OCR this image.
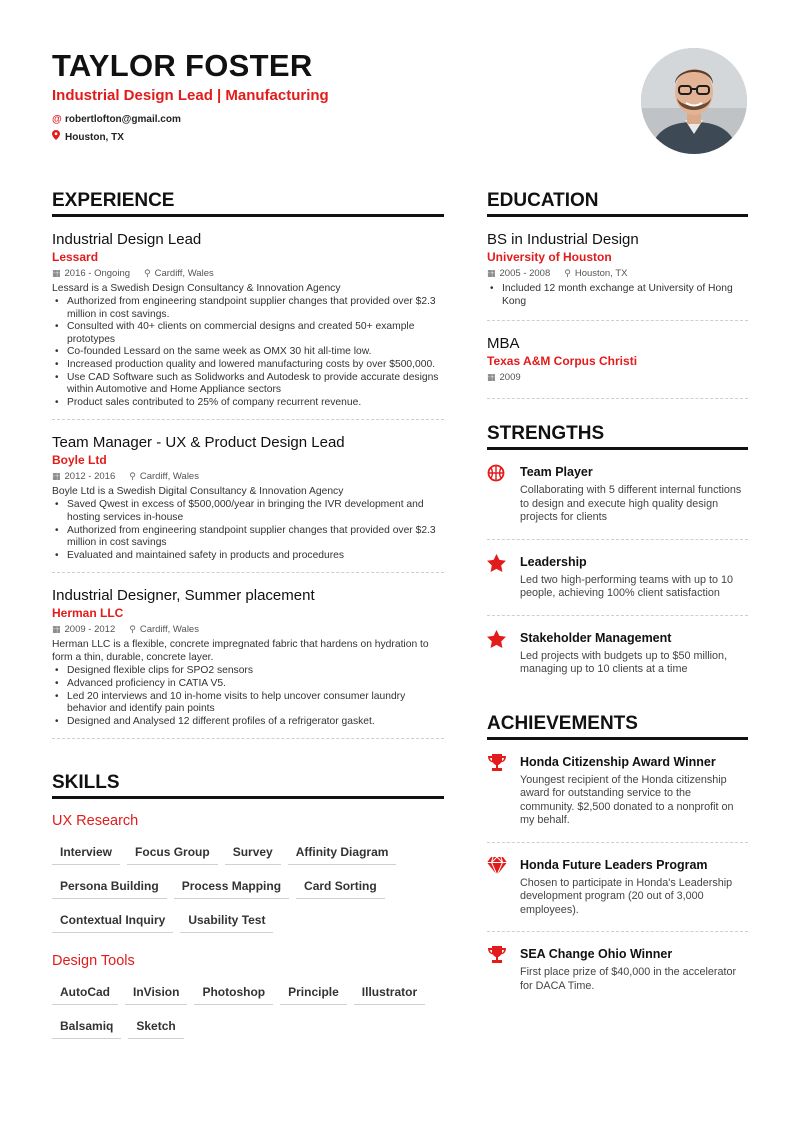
TAYLOR FOSTER
Industrial Design Lead | Manufacturing
@ robertlofton@gmail.com
Houston, TX
EXPERIENCE
Industrial Design Lead
Lessard
▦ 2016 - Ongoing ⚲ Cardiff, Wales
Lessard is a Swedish Design Consultancy & Innovation Agency
• Authorized from engineering standpoint supplier changes that provided over $2.3 million in cost savings.
• Consulted with 40+ clients on commercial designs and created 50+ example prototypes
• Co-founded Lessard on the same week as OMX 30 hit all-time low.
• Increased production quality and lowered manufacturing costs by over $500,000.
• Use CAD Software such as Solidworks and Autodesk to provide accurate designs within Automotive and Home Appliance sectors
• Product sales contributed to 25% of company recurrent revenue.
Team Manager - UX & Product Design Lead
Boyle Ltd
▦ 2012 - 2016 ⚲ Cardiff, Wales
Boyle Ltd is a Swedish Digital Consultancy & Innovation Agency
• Saved Qwest in excess of $500,000/year in bringing the IVR development and hosting services in-house
• Authorized from engineering standpoint supplier changes that provided over $2.3 million in cost savings
• Evaluated and maintained safety in products and procedures
Industrial Designer, Summer placement
Herman LLC
▦ 2009 - 2012 ⚲ Cardiff, Wales
Herman LLC is a flexible, concrete impregnated fabric that hardens on hydration to form a thin, durable, concrete layer.
• Designed flexible clips for SPO2 sensors
• Advanced proficiency in CATIA V5.
• Led 20 interviews and 10 in-home visits to help uncover consumer laundry behavior and identify pain points
• Designed and Analysed 12 different profiles of a refrigerator gasket.
SKILLS
UX Research
Interview	Focus Group	Survey	Affinity Diagram
Persona Building	Process Mapping	Card Sorting
Contextual Inquiry	Usability Test
Design Tools
AutoCad	InVision	Photoshop	Principle	Illustrator
Balsamiq	Sketch
EDUCATION
BS in Industrial Design
University of Houston
▦ 2005 - 2008 ⚲ Houston, TX
• Included 12 month exchange at University of Hong Kong
MBA
Texas A&M Corpus Christi
▦ 2009
STRENGTHS
Team Player
Collaborating with 5 different internal functions to design and execute high quality design projects for clients
Leadership
Led two high-performing teams with up to 10 people, achieving 100% client satisfaction
Stakeholder Management
Led projects with budgets up to $50 million, managing up to 10 clients at a time
ACHIEVEMENTS
Honda Citizenship Award Winner
Youngest recipient of the Honda citizenship award for outstanding service to the community. $2,500 donated to a nonprofit on my behalf.
Honda Future Leaders Program
Chosen to participate in Honda's Leadership development program (20 out of 3,000 employees).
SEA Change Ohio Winner
First place prize of $40,000 in the accelerator for DACA Time.
